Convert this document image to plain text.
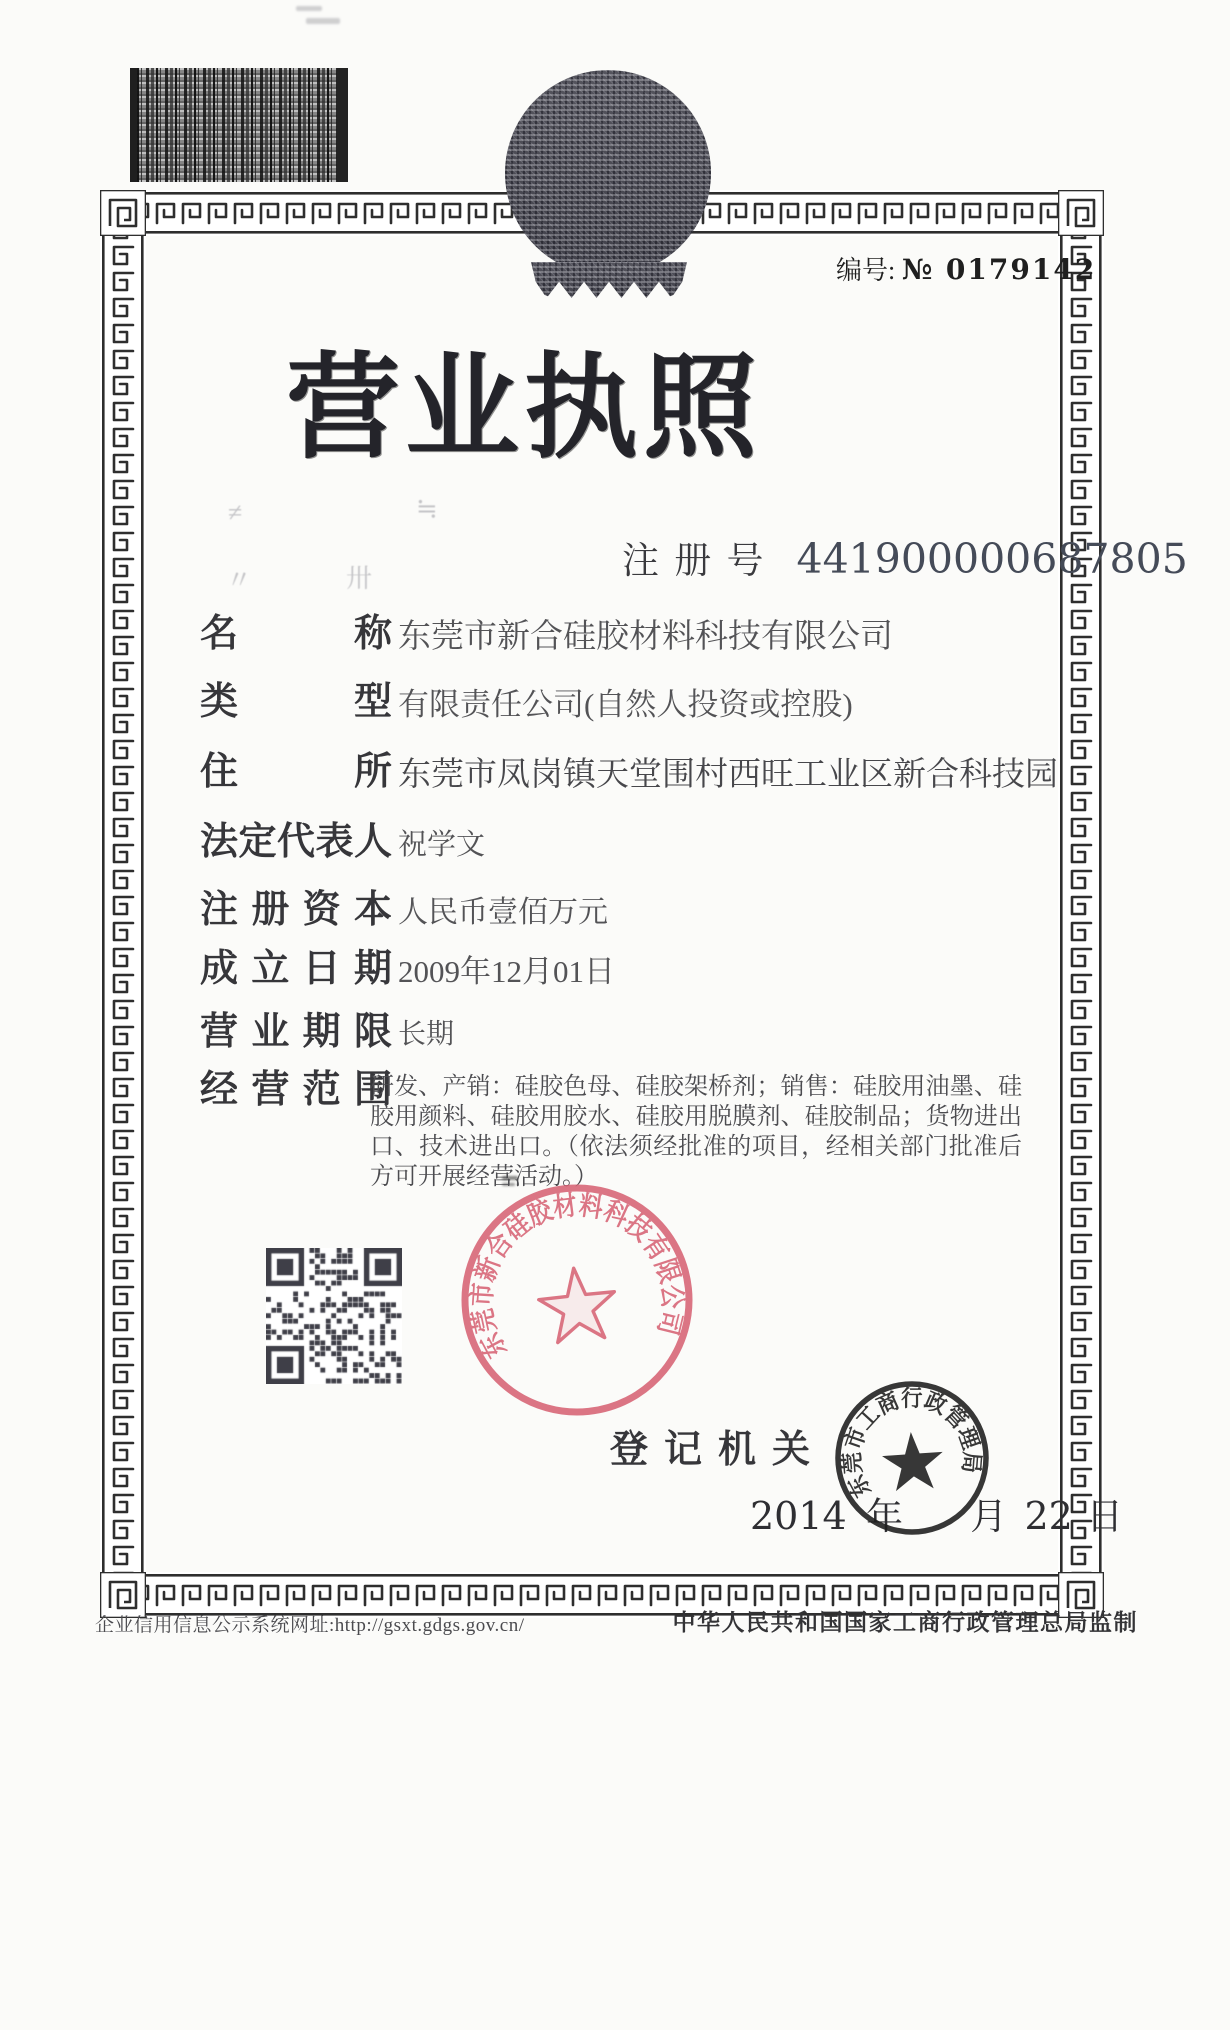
编号: № 0179142
营业执照
注 册 号 441900000687805
≠	≒
〃	卅
名称 东莞市新合硅胶材料科技有限公司
类型 有限责任公司(自然人投资或控股)
住所 东莞市凤岗镇天堂围村西旺工业区新合科技园
法定代表人 祝学文
注册资本 人民币壹佰万元
成立日期 2009年12月01日
营业期限 长期
经营范围
研发、产销：硅胶色母、硅胶架桥剂；销售：硅胶用油墨、硅胶用颜料、硅胶用胶水、硅胶用脱膜剂、硅胶制品；货物进出口、技术进出口。（依法须经批准的项目，经相关部门批准后方可开展经营活动。）
东莞市新合硅胶材料科技有限公司
登记机关
2014 年 月 22 日
东莞市工商行政管理局
企业信用信息公示系统网址:http://gsxt.gdgs.gov.cn/	中华人民共和国国家工商行政管理总局监制
